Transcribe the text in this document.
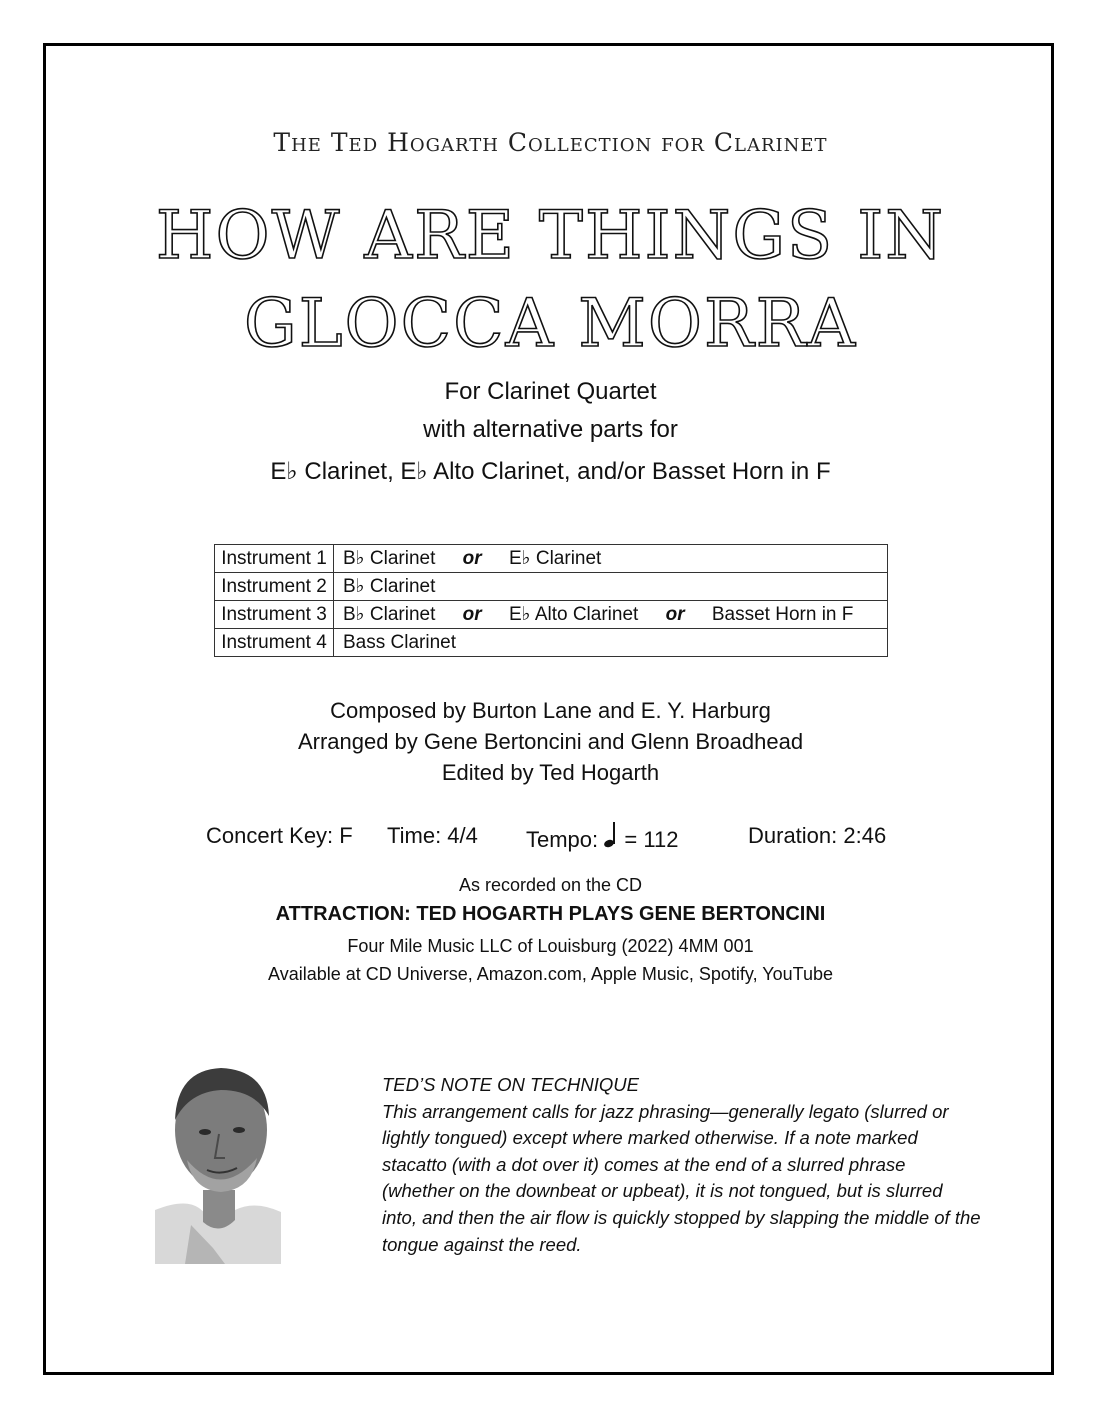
The Ted Hogarth Collection for Clarinet
HOW ARE THINGS IN
GLOCCA MORRA
For Clarinet Quartet
with alternative parts for
E♭ Clarinet, E♭ Alto Clarinet, and/or Basset Horn in F
Instrument 1	B♭ Clarinet or E♭ Clarinet
Instrument 2	B♭ Clarinet
Instrument 3	B♭ Clarinet or E♭ Alto Clarinet or Basset Horn in F
Instrument 4	Bass Clarinet
Composed by Burton Lane and E. Y. Harburg
Arranged by Gene Bertoncini and Glenn Broadhead
Edited by Ted Hogarth
Concert Key: F Time: 4/4 Tempo: = 112	Duration: 2:46
As recorded on the CD
ATTRACTION: TED HOGARTH PLAYS GENE BERTONCINI
Four Mile Music LLC of Louisburg (2022) 4MM 001
Available at CD Universe, Amazon.com, Apple Music, Spotify, YouTube
TED’S NOTE ON TECHNIQUE
This arrangement calls for jazz phrasing—generally legato (slurred or lightly tongued) except where marked otherwise. If a note marked stacatto (with a dot over it) comes at the end of a slurred phrase (whether on the downbeat or upbeat), it is not tongued, but is slurred into, and then the air flow is quickly stopped by slapping the middle of the tongue against the reed.
